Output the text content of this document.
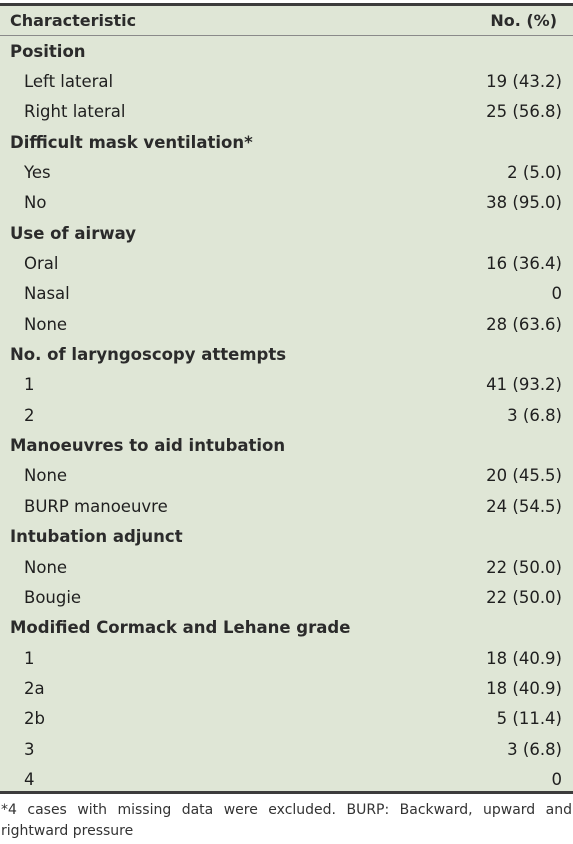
Characteristic	No. (%)
Position
Left lateral	19 (43.2)
Right lateral	25 (56.8)
Difficult mask ventilation*
Yes	2 (5.0)
No	38 (95.0)
Use of airway
Oral	16 (36.4)
Nasal	0
None	28 (63.6)
No. of laryngoscopy attempts
1	41 (93.2)
2	3 (6.8)
Manoeuvres to aid intubation
None	20 (45.5)
BURP manoeuvre	24 (54.5)
Intubation adjunct
None	22 (50.0)
Bougie	22 (50.0)
Modified Cormack and Lehane grade
1	18 (40.9)
2a	18 (40.9)
2b	5 (11.4)
3	3 (6.8)
4	0
*4 cases with missing data were excluded. BURP: Backward, upward and rightward pressure
